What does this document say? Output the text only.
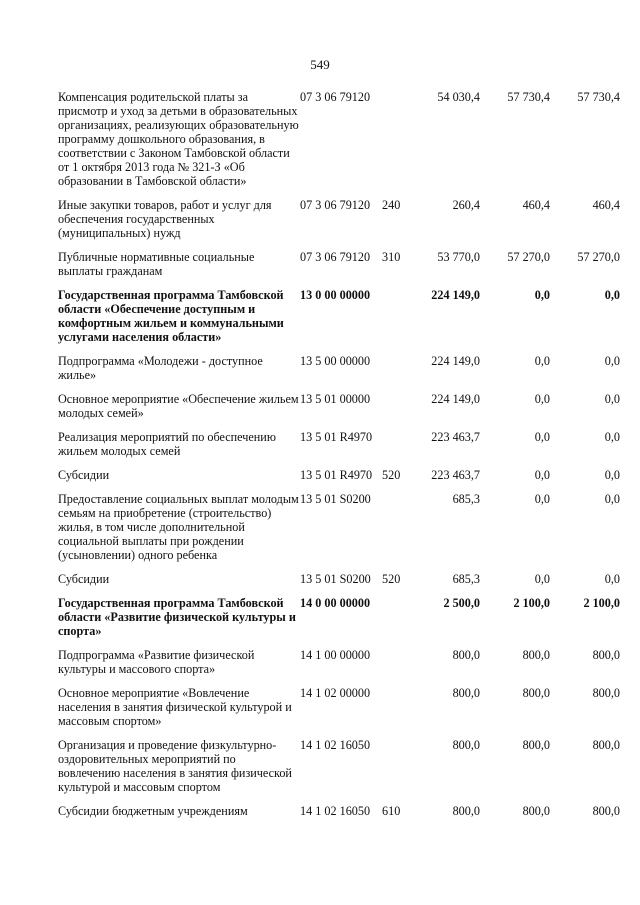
549
Компенсация родительской платы за присмотр и уход за детьми в образовательных организациях, реализующих образовательную программу дошкольного образования, в соответствии с Законом Тамбовской области от 1 октября 2013 года № 321-З «Об образовании в Тамбовской области»	07 3 06 79120		54 030,4	57 730,4	57 730,4
Иные закупки товаров, работ и услуг для обеспечения государственных (муниципальных) нужд	07 3 06 79120	240	260,4	460,4	460,4
Публичные нормативные социальные выплаты гражданам	07 3 06 79120	310	53 770,0	57 270,0	57 270,0
Государственная программа Тамбовской области «Обеспечение доступным и комфортным жильем и коммунальными услугами населения области»	13 0 00 00000		224 149,0	0,0	0,0
Подпрограмма «Молодежи - доступное жилье»	13 5 00 00000		224 149,0	0,0	0,0
Основное мероприятие «Обеспечение жильем молодых семей»	13 5 01 00000		224 149,0	0,0	0,0
Реализация мероприятий по обеспечению жильем молодых семей	13 5 01 R4970		223 463,7	0,0	0,0
Субсидии	13 5 01 R4970	520	223 463,7	0,0	0,0
Предоставление социальных выплат молодым семьям на приобретение (строительство) жилья, в том числе дополнительной социальной выплаты при рождении (усыновлении) одного ребенка	13 5 01 S0200		685,3	0,0	0,0
Субсидии	13 5 01 S0200	520	685,3	0,0	0,0
Государственная программа Тамбовской области «Развитие физической культуры и спорта»	14 0 00 00000		2 500,0	2 100,0	2 100,0
Подпрограмма «Развитие физической культуры и массового спорта»	14 1 00 00000		800,0	800,0	800,0
Основное мероприятие «Вовлечение населения в занятия физической культурой и массовым спортом»	14 1 02 00000		800,0	800,0	800,0
Организация и проведение физкультурно-оздоровительных мероприятий по вовлечению населения в занятия физической культурой и массовым спортом	14 1 02 16050		800,0	800,0	800,0
Субсидии бюджетным учреждениям	14 1 02 16050	610	800,0	800,0	800,0
